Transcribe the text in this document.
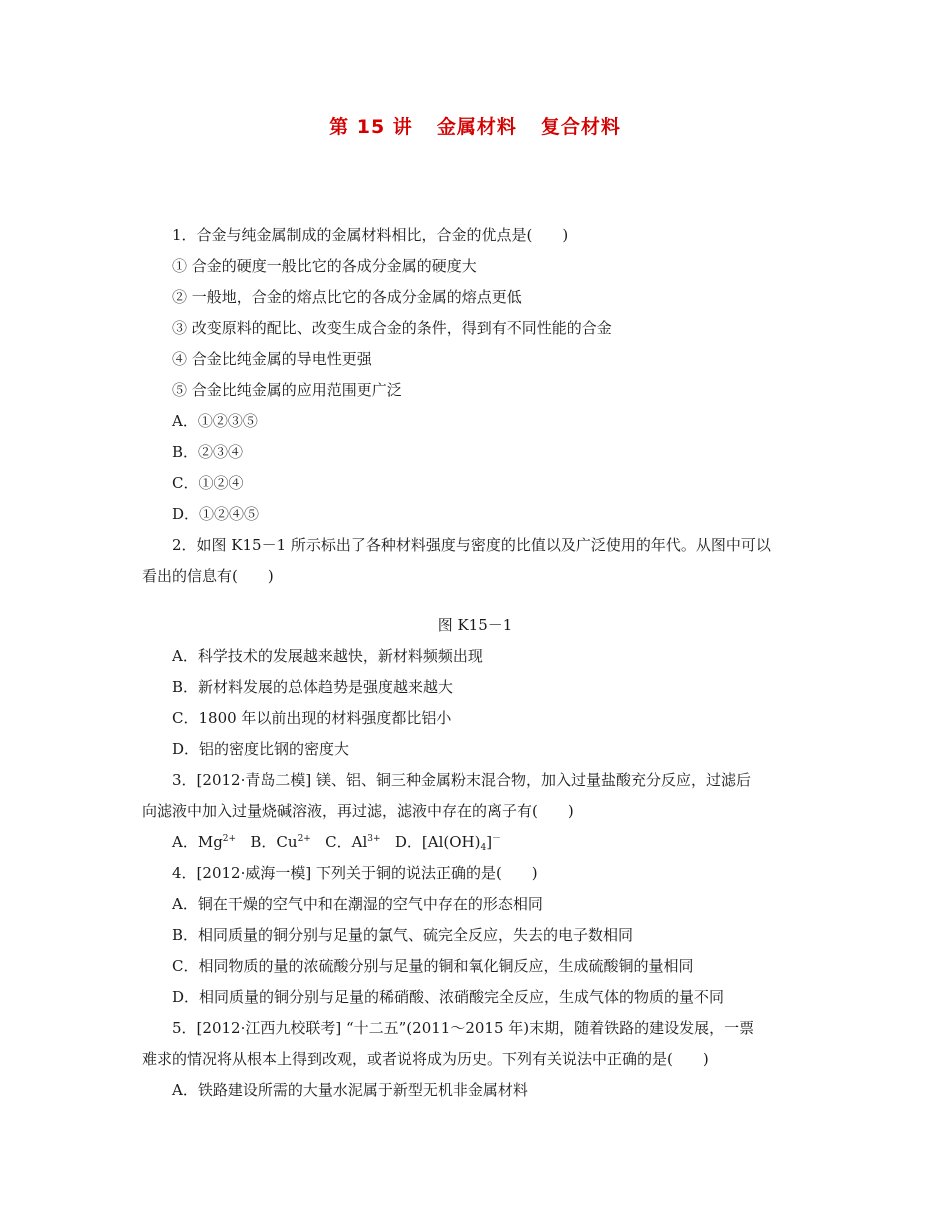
第 15 讲 金属材料 复合材料
1．合金与纯金属制成的金属材料相比，合金的优点是(　　)
① 合金的硬度一般比它的各成分金属的硬度大
② 一般地，合金的熔点比它的各成分金属的熔点更低
③ 改变原料的配比、改变生成合金的条件，得到有不同性能的合金
④ 合金比纯金属的导电性更强
⑤ 合金比纯金属的应用范围更广泛
A．①②③⑤
B．②③④
C．①②④
D．①②④⑤
2．如图 K15－1 所示标出了各种材料强度与密度的比值以及广泛使用的年代。从图中可以
看出的信息有(　　)
图 K15－1
A．科学技术的发展越来越快，新材料频频出现
B．新材料发展的总体趋势是强度越来越大
C．1800 年以前出现的材料强度都比铝小
D．铝的密度比钢的密度大
3．[2012·青岛二模] 镁、铝、铜三种金属粉末混合物，加入过量盐酸充分反应，过滤后
向滤液中加入过量烧碱溶液，再过滤，滤液中存在的离子有(　　)
A．$Mg^{2+}$ B．$Cu^{2+}$ C．$Al^{3+}$ D．$[Al(OH)_4]^-$
4．[2012·威海一模] 下列关于铜的说法正确的是(　　)
A．铜在干燥的空气中和在潮湿的空气中存在的形态相同
B．相同质量的铜分别与足量的氯气、硫完全反应，失去的电子数相同
C．相同物质的量的浓硫酸分别与足量的铜和氧化铜反应，生成硫酸铜的量相同
D．相同质量的铜分别与足量的稀硝酸、浓硝酸完全反应，生成气体的物质的量不同
5．[2012·江西九校联考] “十二五”(2011～2015 年)末期，随着铁路的建设发展，一票
难求的情况将从根本上得到改观，或者说将成为历史。下列有关说法中正确的是(　　)
A．铁路建设所需的大量水泥属于新型无机非金属材料
